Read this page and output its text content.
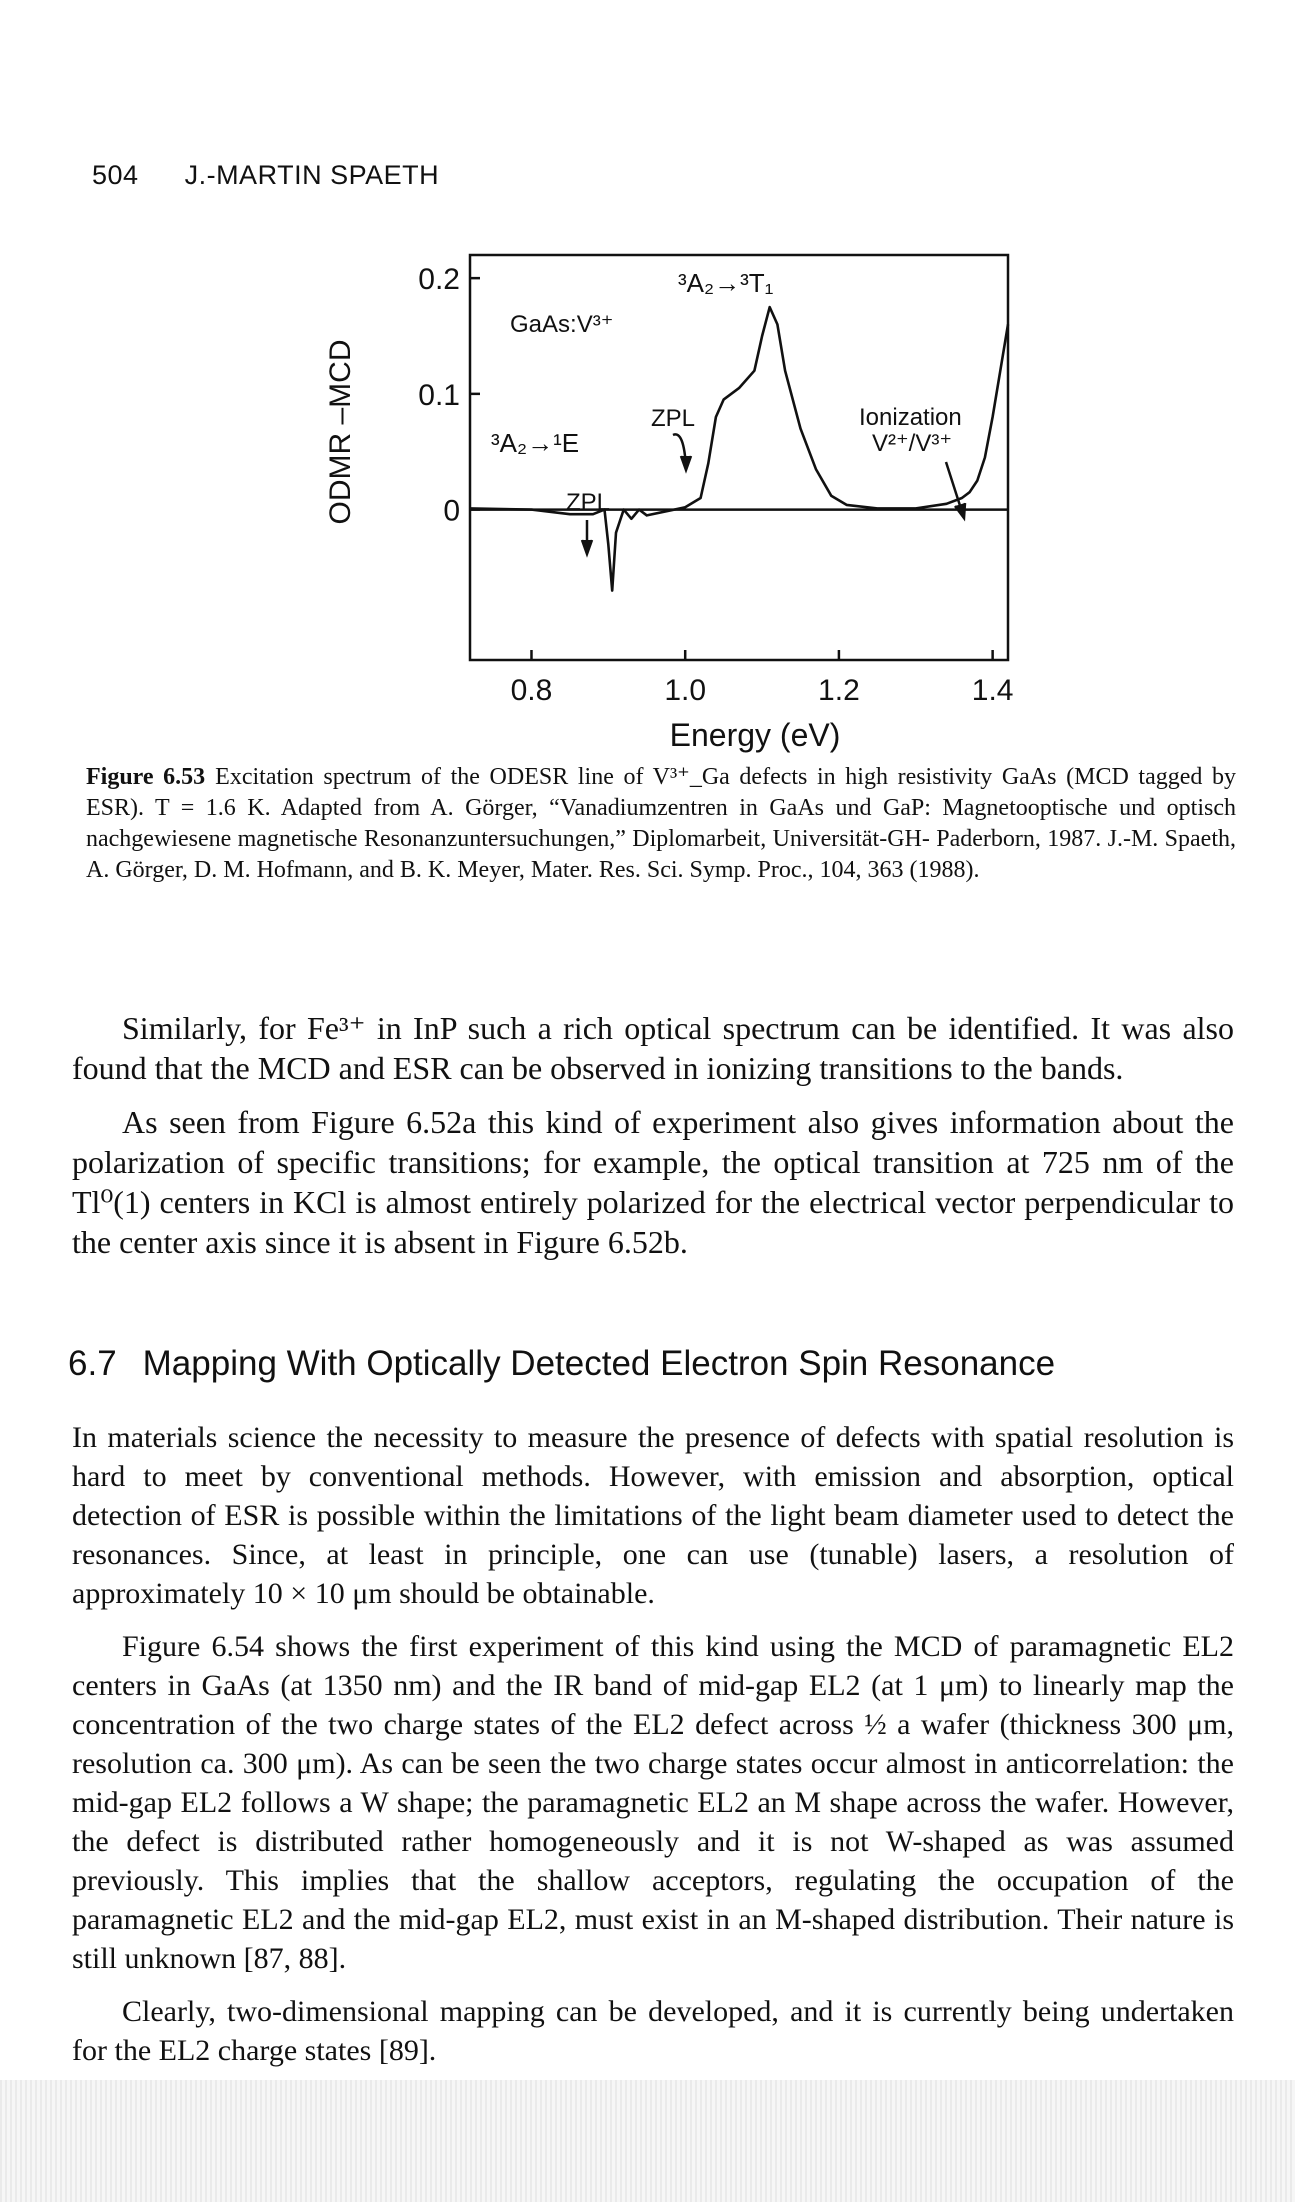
504 J.-MARTIN SPAETH
ODMR –MCD
Energy (eV)
GaAs:V³⁺
³A₂→³T₁
ZPL
³A₂→¹E
ZPL
Ionization
V²⁺/V³⁺
0
0.1
0.2
0.8	1.0	1.2	1.4
Figure 6.53 Excitation spectrum of the ODESR line of V³⁺_Ga defects in high resistivity GaAs (MCD tagged by ESR). T = 1.6 K. Adapted from A. Görger, “Vanadiumzentren in GaAs und GaP: Magnetooptische und optisch nachgewiesene magnetische Resonanzuntersuchungen,” Diplomarbeit, Universität-GH- Paderborn, 1987. J.-M. Spaeth, A. Görger, D. M. Hofmann, and B. K. Meyer, Mater. Res. Sci. Symp. Proc., 104, 363 (1988).

Similarly, for Fe³⁺ in InP such a rich optical spectrum can be identified. It was also found that the MCD and ESR can be observed in ionizing transitions to the bands.

As seen from Figure 6.52a this kind of experiment also gives information about the polarization of specific transitions; for example, the optical transition at 725 nm of the Tl⁰(1) centers in KCl is almost entirely polarized for the electrical vector perpendicular to the center axis since it is absent in Figure 6.52b.

6.7 Mapping With Optically Detected Electron Spin Resonance

In materials science the necessity to measure the presence of defects with spatial resolution is hard to meet by conventional methods. However, with emission and absorption, optical detection of ESR is possible within the limitations of the light beam diameter used to detect the resonances. Since, at least in principle, one can use (tunable) lasers, a resolution of approximately 10 × 10 μm should be obtainable.

Figure 6.54 shows the first experiment of this kind using the MCD of paramagnetic EL2 centers in GaAs (at 1350 nm) and the IR band of mid-gap EL2 (at 1 μm) to linearly map the concentration of the two charge states of the EL2 defect across ½ a wafer (thickness 300 μm, resolution ca. 300 μm). As can be seen the two charge states occur almost in anticorrelation: the mid-gap EL2 follows a W shape; the paramagnetic EL2 an M shape across the wafer. However, the defect is distributed rather homogeneously and it is not W-shaped as was assumed previously. This implies that the shallow acceptors, regulating the occupation of the paramagnetic EL2 and the mid-gap EL2, must exist in an M-shaped distribution. Their nature is still unknown [87, 88].

Clearly, two-dimensional mapping can be developed, and it is currently being undertaken for the EL2 charge states [89].
